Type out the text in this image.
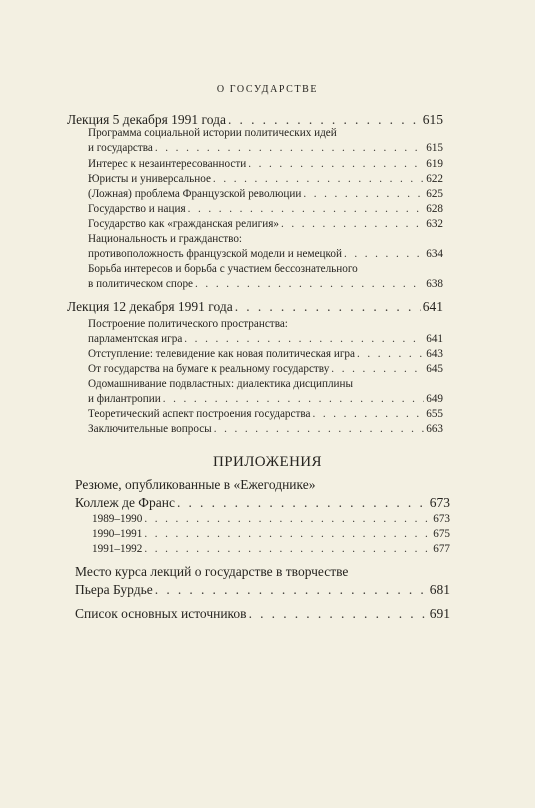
О ГОСУДАРСТВЕ
Лекция 5 декабря 1991 года . . .	615
Программа социальной истории политических идей
и государства . . .	615
Интерес к незаинтересованности . . .	619
Юристы и универсальное . . .	622
(Ложная) проблема Французской революции . . .	625
Государство и нация . . .	628
Государство как «гражданская религия» . . .	632
Национальность и гражданство:
противоположность французской модели и немецкой . . .	634
Борьба интересов и борьба с участием бессознательного
в политическом споре . . .	638
Лекция 12 декабря 1991 года . . .	641
Построение политического пространства:
парламентская игра . . .	641
Отступление: телевидение как новая политическая игра . . .	643
От государства на бумаге к реальному государству . . .	645
Одомашнивание подвластных: диалектика дисциплины
и филантропии . . .	649
Теоретический аспект построения государства . . .	655
Заключительные вопросы . . .	663
ПРИЛОЖЕНИЯ
Резюме, опубликованные в «Ежегоднике»
Коллеж де Франс . . .	673
1989–1990 . . .	673
1990–1991 . . .	675
1991–1992 . . .	677
Место курса лекций о государстве в творчестве
Пьера Бурдье . . .	681
Список основных источников . . .	691
